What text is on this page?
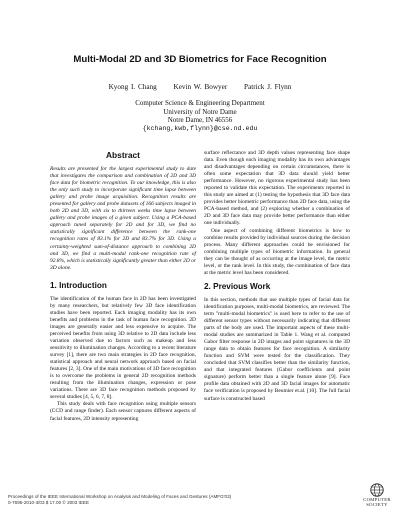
Multi-Modal 2D and 3D Biometrics for Face Recognition
Kyong I. Chang Kevin W. Bowyer Patrick J. Flynn
Computer Science & Engineering Department
University of Notre Dame
Notre Dame, IN 46556
{kchang,kwb,flynn}@cse.nd.edu
Abstract

Results are presented for the largest experimental study to date that investigates the comparison and combination of 2D and 3D face data for biometric recognition. To our knowledge, this is also the only such study to incorporate significant time lapse between gallery and probe image acquisition. Recognition results are presented for gallery and probe datasets of 166 subjects imaged in both 2D and 3D, with six to thirteen weeks time lapse between gallery and probe images of a given subject. Using a PCA-based approach tuned separately for 2D and for 3D, we find no statistically significant difference between the rank-one recognition rates of 83.1% for 2D and 83.7% for 3D. Using a certainty-weighted sum-of-distance approach to combining 2D and 3D, we find a multi-modal rank-one recognition rate of 92.8%, which is statistically significantly greater than either 2D or 3D alone.

1. Introduction

The identification of the human face in 2D has been investigated by many researchers, but relatively few 3D face identification studies have been reported. Each imaging modality has its own benefits and problems in the task of human face recognition. 2D images are generally easier and less expensive to acquire. The perceived benefits from using 3D relative to 2D data include less variation observed due to factors such as makeup and less sensitivity to illumination changes. According to a recent literature survey [1], there are two main strategies in 2D face recognition, statistical approach and neural network approach based on facial features [2, 3]. One of the main motivations of 3D face recognition is to overcome the problems in general 2D recognition methods resulting from the illumination changes, expression or pose variations. There are 3D face recognition methods proposed by several studies [4, 5, 6, 7, 8].

This study deals with face recognition using multiple sensors (CCD and range finder). Each sensor captures different aspects of facial features, 2D intensity representing

surface reflectance and 3D depth values representing face shape data. Even though each imaging modality has its own advantages and disadvantages depending on certain circumstances, there is often some expectation that 3D data should yield better performance. However, no rigorous experimental study has been reported to validate this expectation. The experiments reported in this study are aimed at (1) testing the hypothesis that 3D face data provides better biometric performance than 2D face data, using the PCA-based method, and (2) exploring whether a combination of 2D and 3D face data may provide better performance than either one individually.

One aspect of combining different biometrics is how to combine results provided by individual sources during the decision process. Many different approaches could be envisioned for combining multiple types of biometric information. In general they can be thought of as occurring at the image level, the metric level, or the rank level. In this study, the combination of face data at the metric level has been considered.

2. Previous Work

In this section, methods that use multiple types of facial data for identification purposes, multi-modal biometrics, are reviewed. The term "multi-modal biometrics" is used here to refer to the use of different sensor types without necessarily indicating that different parts of the body are used. The important aspects of these multi-modal studies are summarized in Table 1. Wang et al. computed Gabor filter response in 2D images and point signatures in the 3D range data to obtain features for face recognition. A similarity function and SVM were tested for the classification. They concluded that SVM classifies better than the similarity function, and that integrated features (Gabor coefficients and point signature) perform better than a single feature alone [9]. Face profile data obtained with 2D and 3D facial images for automatic face verification is proposed by Beumier et.al. [10]. The full facial surface is constructed based

Proceedings of the IEEE International Workshop on Analysis and Modeling of Faces and Gestures (AMFG'03)
0-7695-2010-3/03 $ 17.00 © 2003 IEEE
COMPUTER
SOCIETY
